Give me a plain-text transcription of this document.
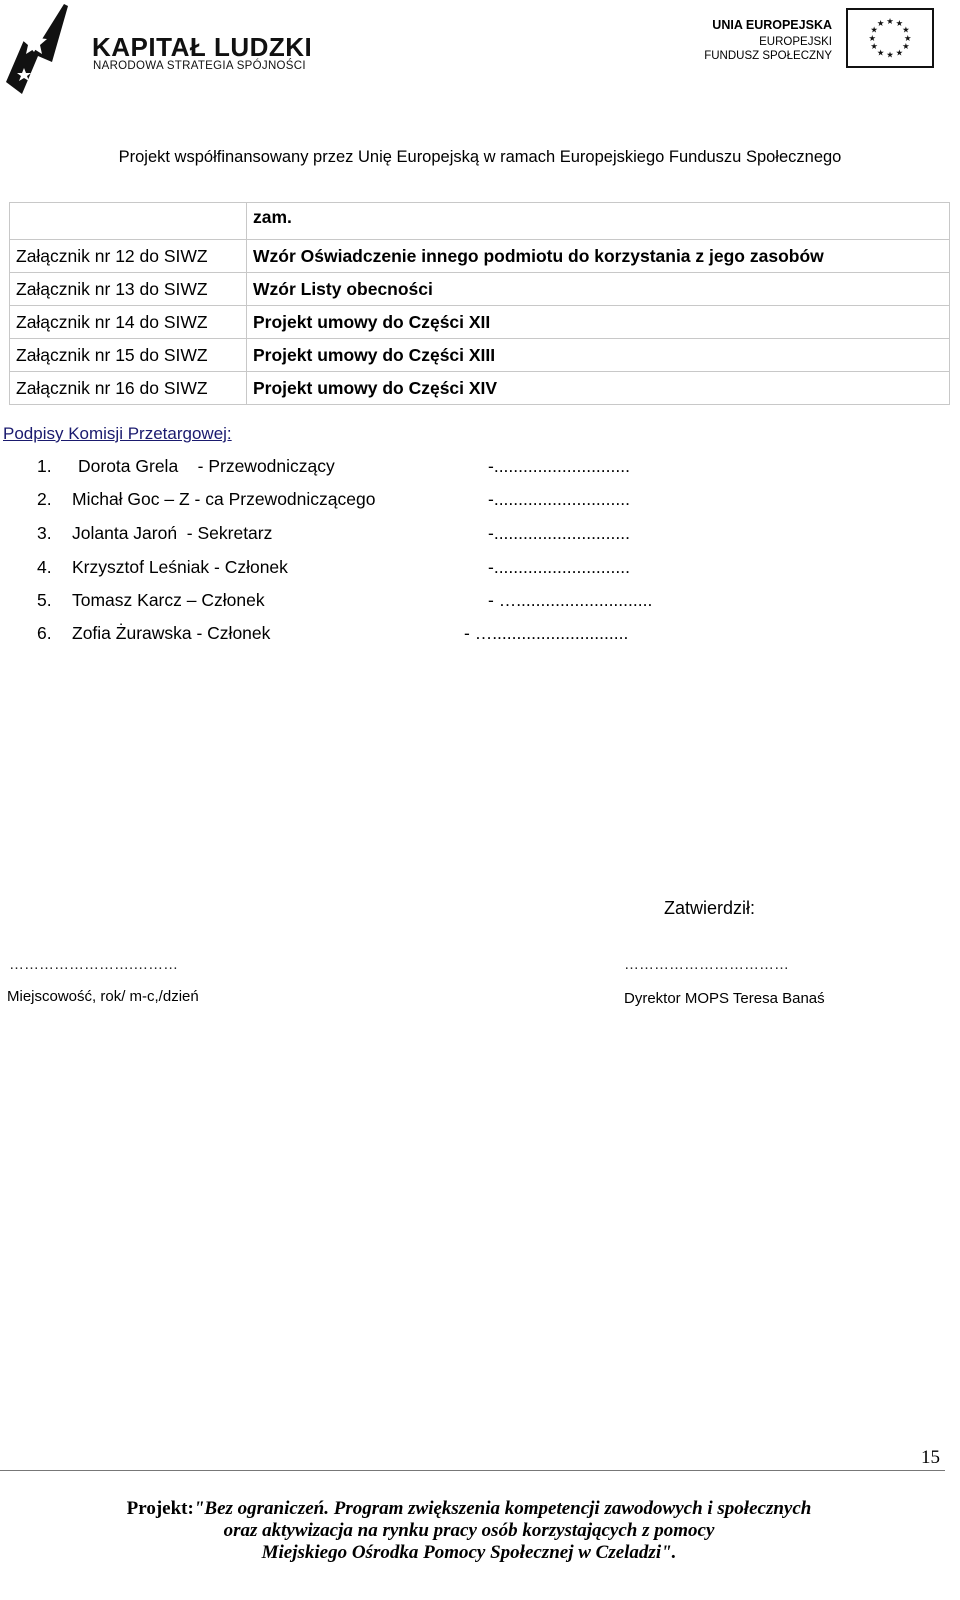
KAPITAŁ LUDZKI
NARODOWA STRATEGIA SPÓJNOŚCI
UNIA EUROPEJSKA
EUROPEJSKI
FUNDUSZ SPOŁECZNY
★ ★
★
★
★
★
★
★
★
★
★
★
Projekt współfinansowany przez Unię Europejską w ramach Europejskiego Funduszu Społecznego
	zam.
Załącznik nr 12 do SIWZ	Wzór Oświadczenie innego podmiotu do korzystania z jego zasobów
Załącznik nr 13 do SIWZ	Wzór Listy obecności
Załącznik nr 14 do SIWZ	Projekt umowy do Części XII
Załącznik nr 15 do SIWZ	Projekt umowy do Części XIII
Załącznik nr 16 do SIWZ	Projekt umowy do Części XIV
Podpisy Komisji Przetargowej:
1. Dorota Grela    - Przewodniczący	-............................
2. Michał Goc – Z - ca Przewodniczącego	-............................
3. Jolanta Jaroń  - Sekretarz	-............................
4. Krzysztof Leśniak - Członek	-............................
5. Tomasz Karcz – Członek	- …............................
6. Zofia Żurawska - Członek	- …............................
Zatwierdził:
…………………….………
Miejscowość, rok/ m-c,/dzień
……………………………
Dyrektor MOPS Teresa Banaś
15
Projekt:"Bez ograniczeń. Program zwiększenia kompetencji zawodowych i społecznych
oraz aktywizacja na rynku pracy osób korzystających z pomocy
Miejskiego Ośrodka Pomocy Społecznej w Czeladzi".
